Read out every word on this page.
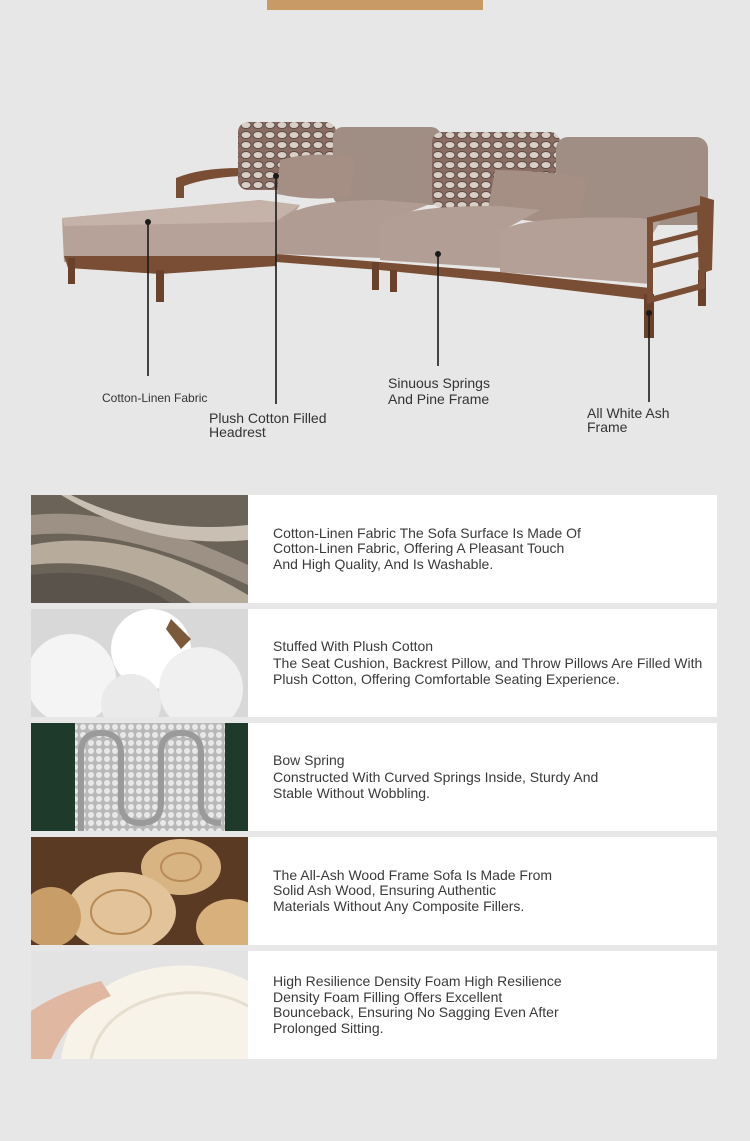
Cotton-Linen Fabric
Plush Cotton Filled
Headrest
Sinuous Springs
And Pine Frame
All White Ash
Frame
Cotton-Linen Fabric The Sofa Surface Is Made Of
Cotton-Linen Fabric, Offering A Pleasant Touch
And High Quality, And Is Washable.
Stuffed With Plush Cotton
The Seat Cushion, Backrest Pillow, and Throw Pillows Are Filled With
Plush Cotton, Offering Comfortable Seating Experience.
Bow Spring
Constructed With Curved Springs Inside, Sturdy And
Stable Without Wobbling.
The All-Ash Wood Frame Sofa Is Made From
Solid Ash Wood, Ensuring Authentic
Materials Without Any Composite Fillers.
High Resilience Density Foam High Resilience
Density Foam Filling Offers Excellent
Bounceback, Ensuring No Sagging Even After
Prolonged Sitting.
